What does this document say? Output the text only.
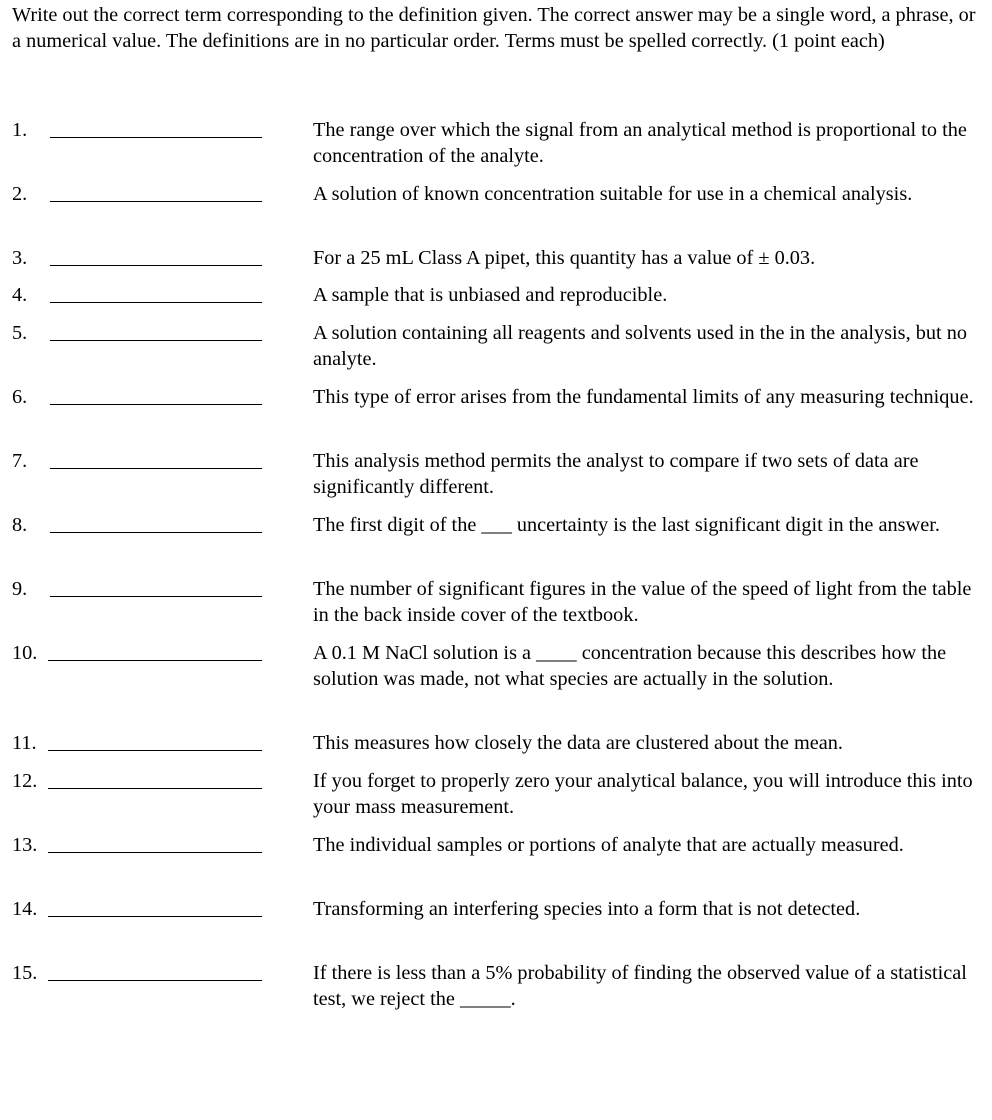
Write out the correct term corresponding to the definition given. The correct answer may be a single word, a phrase, or a numerical value. The definitions are in no particular order. Terms must be spelled correctly. (1 point each)

1.	The range over which the signal from an analytical method is proportional to the concentration of the analyte.
2.	A solution of known concentration suitable for use in a chemical analysis.
3.	For a 25 mL Class A pipet, this quantity has a value of ± 0.03.
4.	A sample that is unbiased and reproducible.
5.	A solution containing all reagents and solvents used in the in the analysis, but no analyte.
6.	This type of error arises from the fundamental limits of any measuring technique.
7.	This analysis method permits the analyst to compare if two sets of data are significantly different.
8.	The first digit of the ___ uncertainty is the last significant digit in the answer.
9.	The number of significant figures in the value of the speed of light from the table in the back inside cover of the textbook.
10.	A 0.1 M NaCl solution is a ____ concentration because this describes how the solution was made, not what species are actually in the solution.
11.	This measures how closely the data are clustered about the mean.
12.	If you forget to properly zero your analytical balance, you will introduce this into your mass measurement.
13.	The individual samples or portions of analyte that are actually measured.
14.	Transforming an interfering species into a form that is not detected.
15.	If there is less than a 5% probability of finding the observed value of a statistical test, we reject the _____.
